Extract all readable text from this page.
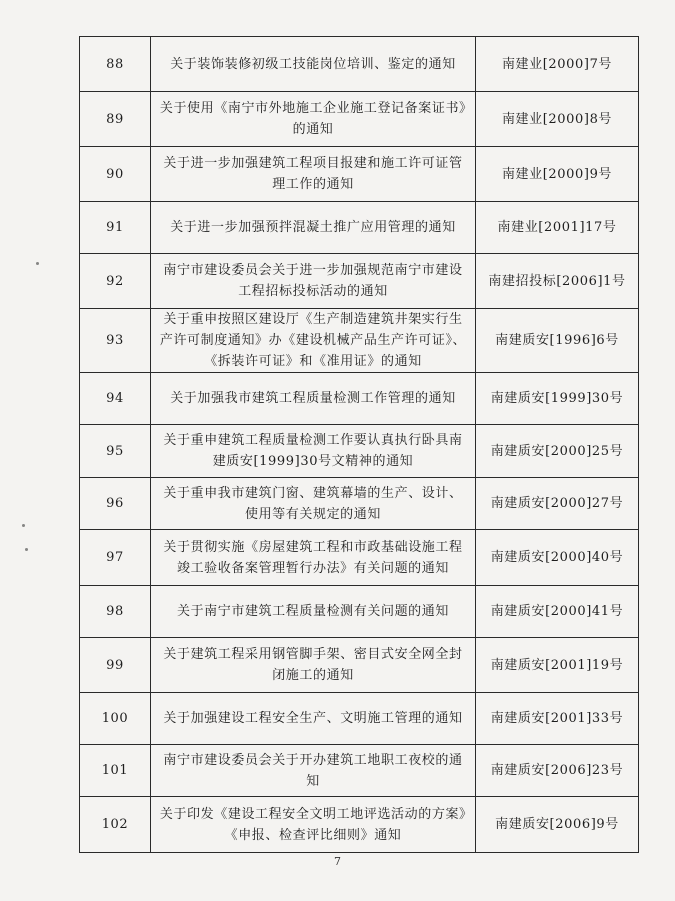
88	关于装饰装修初级工技能岗位培训、鉴定的通知	南建业[2000]7号
89	关于使用《南宁市外地施工企业施工登记备案证书》的通知	南建业[2000]8号
90	关于进一步加强建筑工程项目报建和施工许可证管理工作的通知	南建业[2000]9号
91	关于进一步加强预拌混凝土推广应用管理的通知	南建业[2001]17号
92	南宁市建设委员会关于进一步加强规范南宁市建设工程招标投标活动的通知	南建招投标[2006]1号
93	关于重申按照区建设厅《生产制造建筑井架实行生产许可制度通知》办《建设机械产品生产许可证》、《拆装许可证》和《准用证》的通知	南建质安[1996]6号
94	关于加强我市建筑工程质量检测工作管理的通知	南建质安[1999]30号
95	关于重申建筑工程质量检测工作要认真执行卧具南建质安[1999]30号文精神的通知	南建质安[2000]25号
96	关于重申我市建筑门窗、建筑幕墙的生产、设计、使用等有关规定的通知	南建质安[2000]27号
97	关于贯彻实施《房屋建筑工程和市政基础设施工程竣工验收备案管理暂行办法》有关问题的通知	南建质安[2000]40号
98	关于南宁市建筑工程质量检测有关问题的通知	南建质安[2000]41号
99	关于建筑工程采用钢管脚手架、密目式安全网全封闭施工的通知	南建质安[2001]19号
100	关于加强建设工程安全生产、文明施工管理的通知	南建质安[2001]33号
101	南宁市建设委员会关于开办建筑工地职工夜校的通知	南建质安[2006]23号
102	关于印发《建设工程安全文明工地评选活动的方案》《申报、检查评比细则》通知	南建质安[2006]9号
7
